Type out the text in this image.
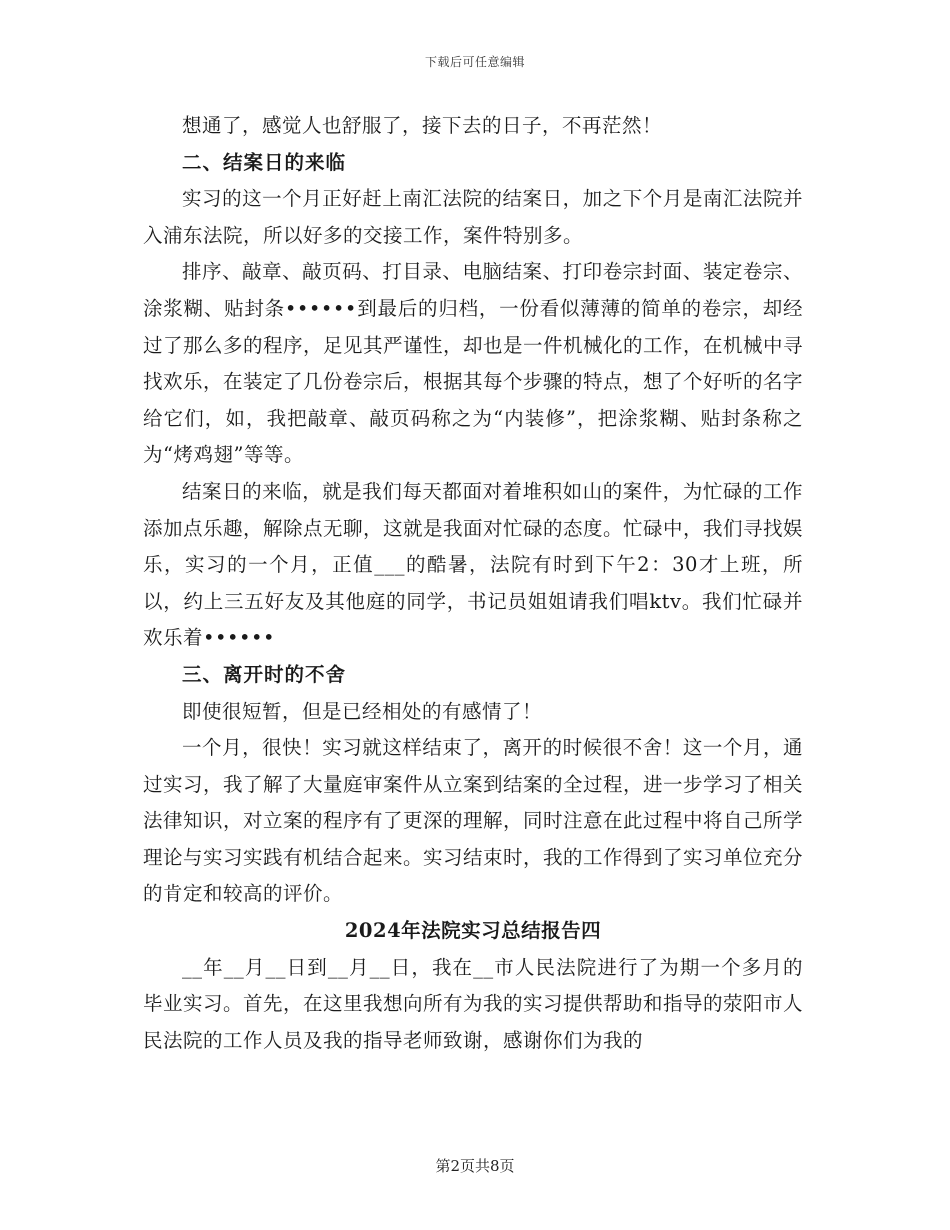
下载后可任意编辑

想通了，感觉人也舒服了，接下去的日子，不再茫然！

二、结案日的来临

实习的这一个月正好赶上南汇法院的结案日，加之下个月是南汇法院并入浦东法院，所以好多的交接工作，案件特别多。

排序、敲章、敲页码、打目录、电脑结案、打印卷宗封面、装定卷宗、涂浆糊、贴封条••••••到最后的归档，一份看似薄薄的简单的卷宗，却经过了那么多的程序，足见其严谨性，却也是一件机械化的工作，在机械中寻找欢乐，在装定了几份卷宗后，根据其每个步骤的特点，想了个好听的名字给它们，如，我把敲章、敲页码称之为“内装修”，把涂浆糊、贴封条称之为“烤鸡翅”等等。

结案日的来临，就是我们每天都面对着堆积如山的案件，为忙碌的工作添加点乐趣，解除点无聊，这就是我面对忙碌的态度。忙碌中，我们寻找娱乐，实习的一个月，正值___的酷暑，法院有时到下午2：30才上班，所以，约上三五好友及其他庭的同学，书记员姐姐请我们唱ktv。我们忙碌并欢乐着••••••

三、离开时的不舍

即使很短暂，但是已经相处的有感情了！

一个月，很快！实习就这样结束了，离开的时候很不舍！这一个月，通过实习，我了解了大量庭审案件从立案到结案的全过程，进一步学习了相关法律知识，对立案的程序有了更深的理解，同时注意在此过程中将自己所学理论与实习实践有机结合起来。实习结束时，我的工作得到了实习单位充分的肯定和较高的评价。

2024年法院实习总结报告四

__年__月__日到__月__日，我在__市人民法院进行了为期一个多月的毕业实习。首先，在这里我想向所有为我的实习提供帮助和指导的荥阳市人民法院的工作人员及我的指导老师致谢，感谢你们为我的

第2页共8页
